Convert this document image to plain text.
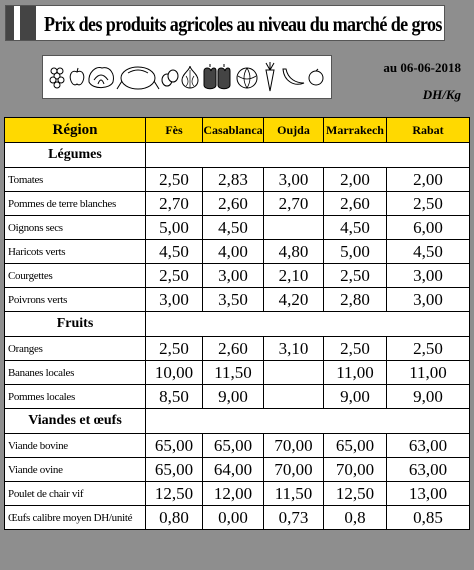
Prix des produits agricoles au niveau du marché de gros
au 06-06-2018
DH/Kg
Région	Fès	Casablanca	Oujda	Marrakech	Rabat
Légumes					
Tomates	2,50	2,83	3,00	2,00	2,00
Pommes de terre blanches	2,70	2,60	2,70	2,60	2,50
Oignons secs	5,00	4,50		4,50	6,00
Haricots verts	4,50	4,00	4,80	5,00	4,50
Courgettes	2,50	3,00	2,10	2,50	3,00
Poivrons verts	3,00	3,50	4,20	2,80	3,00
Fruits					
Oranges	2,50	2,60	3,10	2,50	2,50
Bananes locales	10,00	11,50		11,00	11,00
Pommes locales	8,50	9,00		9,00	9,00
Viandes et œufs					
Viande bovine	65,00	65,00	70,00	65,00	63,00
Viande ovine	65,00	64,00	70,00	70,00	63,00
Poulet de chair vif	12,50	12,00	11,50	12,50	13,00
Œufs calibre moyen DH/unité	0,80	0,00	0,73	0,8	0,85
